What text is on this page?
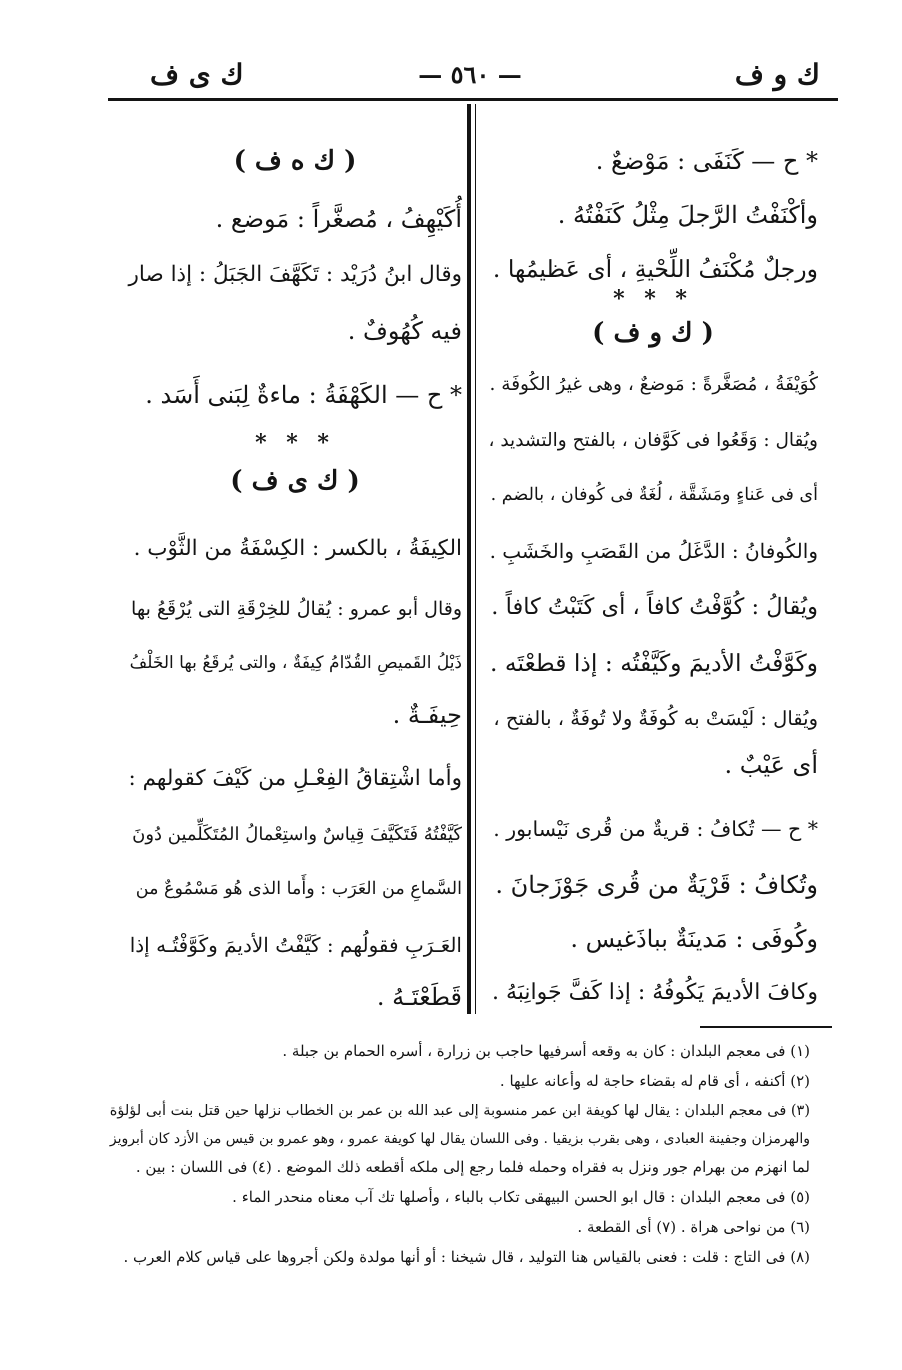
ك و ف
— ٥٦٠ —
ك ى ف
* ح — كَنَفَى : مَوْضعٌ .
وأكْنَفْتُ الرَّجلَ مِثْلُ كَنَفْتُهُ .
ورجلٌ مُكْنَفُ اللِّحْيةِ ، أى عَظيمُها .
* * *
( ك و ف )
كُوَيْفَةُ ، مُصَغَّرةً : مَوضعٌ ، وهى غيرُ الكُوفَة .
ويُقال : وَقَعُوا فى كَوَّفان ، بالفتح والتشديد ،
أى فى عَناءٍ ومَشَقَّة ، لُغَةٌ فى كُوفان ، بالضم .
والكُوفانُ : الدَّغَلُ من القَصَبِ والخَشَبِ .
ويُقالُ : كُوَّفْتُ كافاً ، أى كَتَبْتُ كافاً .
وكَوَّفْتُ الأديمَ وكَيَّفْتُه : إذا قطعْتَه .
ويُقال : لَيْسَتْ به كُوفَةٌ ولا تُوفَةٌ ، بالفتح ،
أى عَيْبٌ .
* ح — تُكافُ : قريةٌ من قُرى نَيْسابور .
وتُكافُ : قَرْيَةٌ من قُرى جَوْزَجانَ .
وكُوفَى : مَدينَةٌ بباذَغيس .
وكافَ الأديمَ يَكُوفُهُ : إذا كَفَّ جَوانِبَهُ .
( ك ه ف )
أُكَيْهِفُ ، مُصغَّراً : مَوضع .
وقال ابنُ دُرَيْد : تَكَهَّفَ الجَبَلُ : إذا صار
فيه كُهُوفٌ .
* ح — الكَهْفَةُ : ماءةٌ لِبَنى أَسَد .
* * *
( ك ى ف )
الكِيفَةُ ، بالكسر : الكِسْفَةُ من الثَّوْب .
وقال أبو عمرو : يُقالُ للخِرْقَةِ التى يُرْقَعُ بها
ذَيْلُ القَميصِ القُدّامُ كِيفَةٌ ، والتى يُرقَعُ بها الخَلْفُ
حِيفَـةٌ .
وأما اشْتِقاقُ الفِعْـلِ من كَيْفَ كقولهم :
كَيَّفْتُهُ فَتَكَيَّفَ قِياسٌ واستِعْمالُ المُتَكَلِّمين دُونَ
السَّماعِ من العَرَب : وأَما الذى هُو مَسْمُوعٌ من
العَـرَبِ فقولُهم : كَيَّفْتُ الأديمَ وكَوَّفْتُـه إذا
قَطَعْتَـهُ .
(١) فى معجم البلدان : كان به وقعه أسرفيها حاجب بن زرارة ، أسره الحمام بن جبلة .
(٢) أكنفه ، أى قام له بقضاء حاجة له وأعانه عليها .
(٣) فى معجم البلدان : يقال لها كويفة ابن عمر منسوبة إلى عبد الله بن عمر بن الخطاب نزلها حين قتل بنت أبى لؤلؤة
والهرمزان وجفينة العبادى ، وهى بقرب بزيقيا . وفى اللسان يقال لها كويفة عمرو ، وهو عمرو بن قيس من الأزد كان أبرويز
لما انهزم من بهرام جور ونزل به فقراه وحمله فلما رجع إلى ملكه أقطعه ذلك الموضع . (٤) فى اللسان : بين .
(٥) فى معجم البلدان : قال ابو الحسن البيهقى تكاب بالباء ، وأصلها تك آب معناه منحدر الماء .
(٦) من نواحى هراة . (٧) أى القطعة .
(٨) فى التاج : قلت : فعنى بالقياس هنا التوليد ، قال شيخنا : أو أنها مولدة ولكن أجروها على قياس كلام العرب .
